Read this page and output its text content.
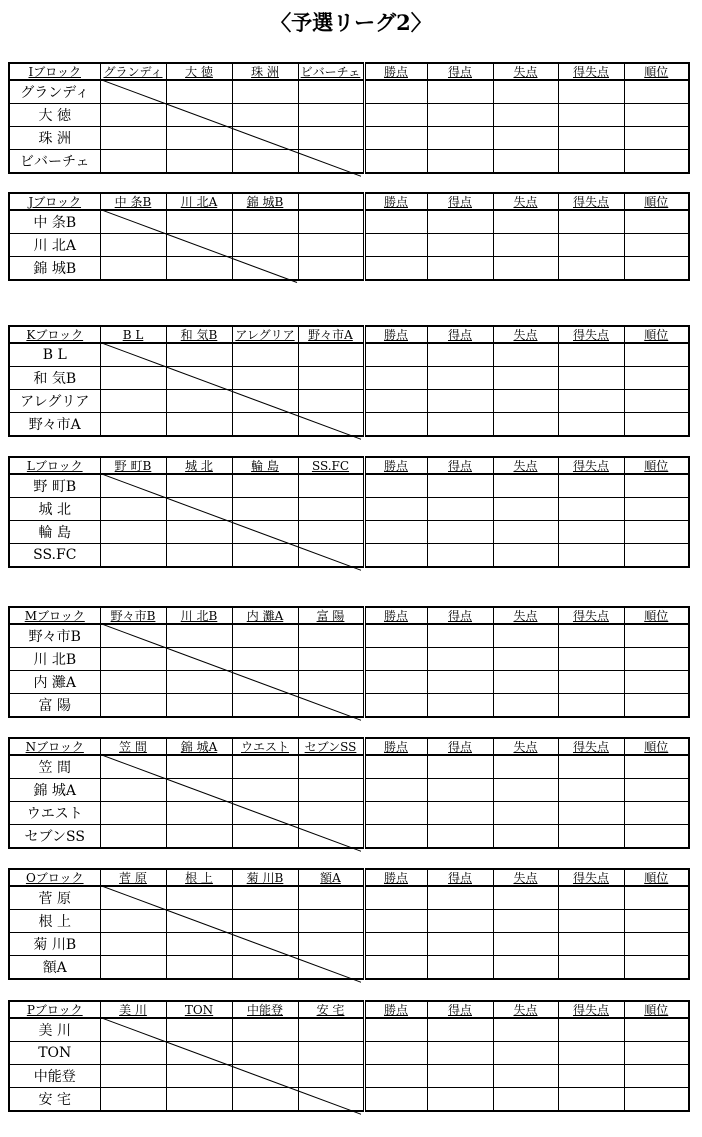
〈予選リーグ2〉
Iブロック	グランディ	大 徳	珠 洲	ビバーチェ	勝点	得点	失点	得失点	順位
グランディ									
大 徳									
珠 洲									
ビバーチェ									
Jブロック	中 条B	川 北A	錦 城B		勝点	得点	失点	得失点	順位
中 条B									
川 北A									
錦 城B									
Kブロック	B L	和 気B	アレグリア	野々市A	勝点	得点	失点	得失点	順位
B L									
和 気B									
アレグリア									
野々市A									
Lブロック	野 町B	城 北	輪 島	SS.FC	勝点	得点	失点	得失点	順位
野 町B									
城 北									
輪 島									
SS.FC									
Mブロック	野々市B	川 北B	内 灘A	富 陽	勝点	得点	失点	得失点	順位
野々市B									
川 北B									
内 灘A									
富 陽									
Nブロック	笠 間	錦 城A	ウエスト	セブンSS	勝点	得点	失点	得失点	順位
笠 間									
錦 城A									
ウエスト									
セブンSS									
Oブロック	菅 原	根 上	菊 川B	額A	勝点	得点	失点	得失点	順位
菅 原									
根 上									
菊 川B									
額A									
Pブロック	美 川	TON	中能登	安 宅	勝点	得点	失点	得失点	順位
美 川									
TON									
中能登									
安 宅									
